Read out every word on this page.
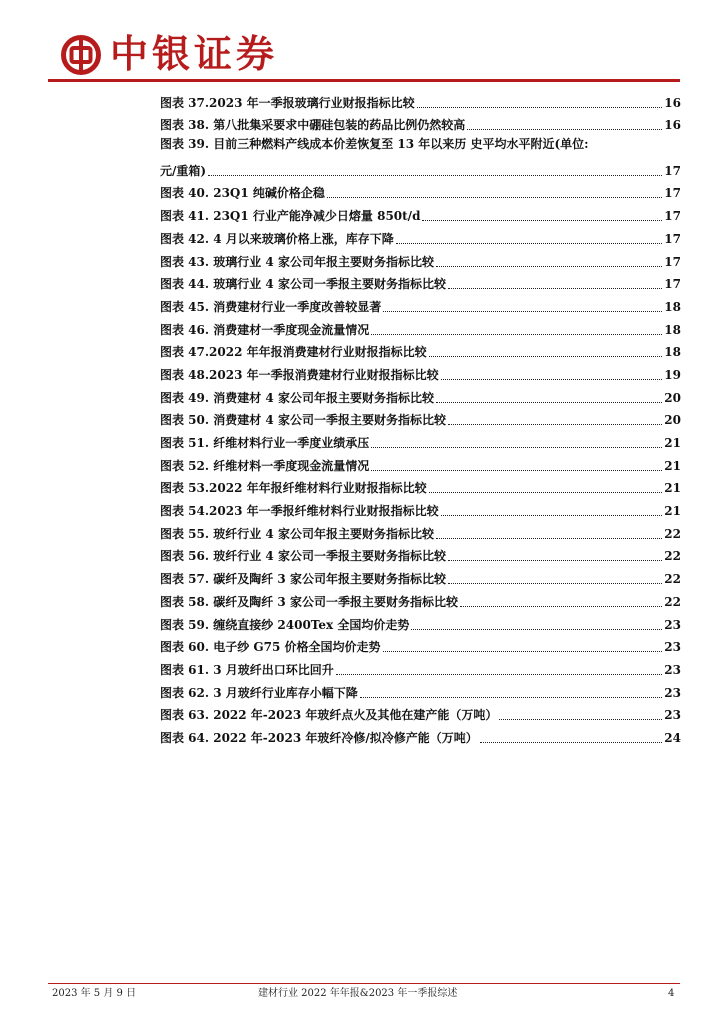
中银证券
图表 37.2023 年一季报玻璃行业财报指标比较	16
图表 38. 第八批集采要求中硼硅包装的药品比例仍然较高	16
图表 39. 目前三种燃料产线成本价差恢复至 13 年以来历 史平均水平附近(单位:
元/重箱)	17
图表 40. 23Q1 纯碱价格企稳	17
图表 41. 23Q1 行业产能净减少日熔量 850t/d	17
图表 42. 4 月以来玻璃价格上涨，库存下降	17
图表 43. 玻璃行业 4 家公司年报主要财务指标比较	17
图表 44. 玻璃行业 4 家公司一季报主要财务指标比较	17
图表 45. 消费建材行业一季度改善较显著	18
图表 46. 消费建材一季度现金流量情况	18
图表 47.2022 年年报消费建材行业财报指标比较	18
图表 48.2023 年一季报消费建材行业财报指标比较	19
图表 49. 消费建材 4 家公司年报主要财务指标比较	20
图表 50. 消费建材 4 家公司一季报主要财务指标比较	20
图表 51. 纤维材料行业一季度业绩承压	21
图表 52. 纤维材料一季度现金流量情况	21
图表 53.2022 年年报纤维材料行业财报指标比较	21
图表 54.2023 年一季报纤维材料行业财报指标比较	21
图表 55. 玻纤行业 4 家公司年报主要财务指标比较	22
图表 56. 玻纤行业 4 家公司一季报主要财务指标比较	22
图表 57. 碳纤及陶纤 3 家公司年报主要财务指标比较	22
图表 58. 碳纤及陶纤 3 家公司一季报主要财务指标比较	22
图表 59. 缠绕直接纱 2400Tex 全国均价走势	23
图表 60. 电子纱 G75 价格全国均价走势	23
图表 61. 3 月玻纤出口环比回升	23
图表 62. 3 月玻纤行业库存小幅下降	23
图表 63. 2022 年-2023 年玻纤点火及其他在建产能（万吨）	23
图表 64. 2022 年-2023 年玻纤冷修/拟冷修产能（万吨）	24
2023 年 5 月 9 日	建材行业 2022 年年报&2023 年一季报综述	4
